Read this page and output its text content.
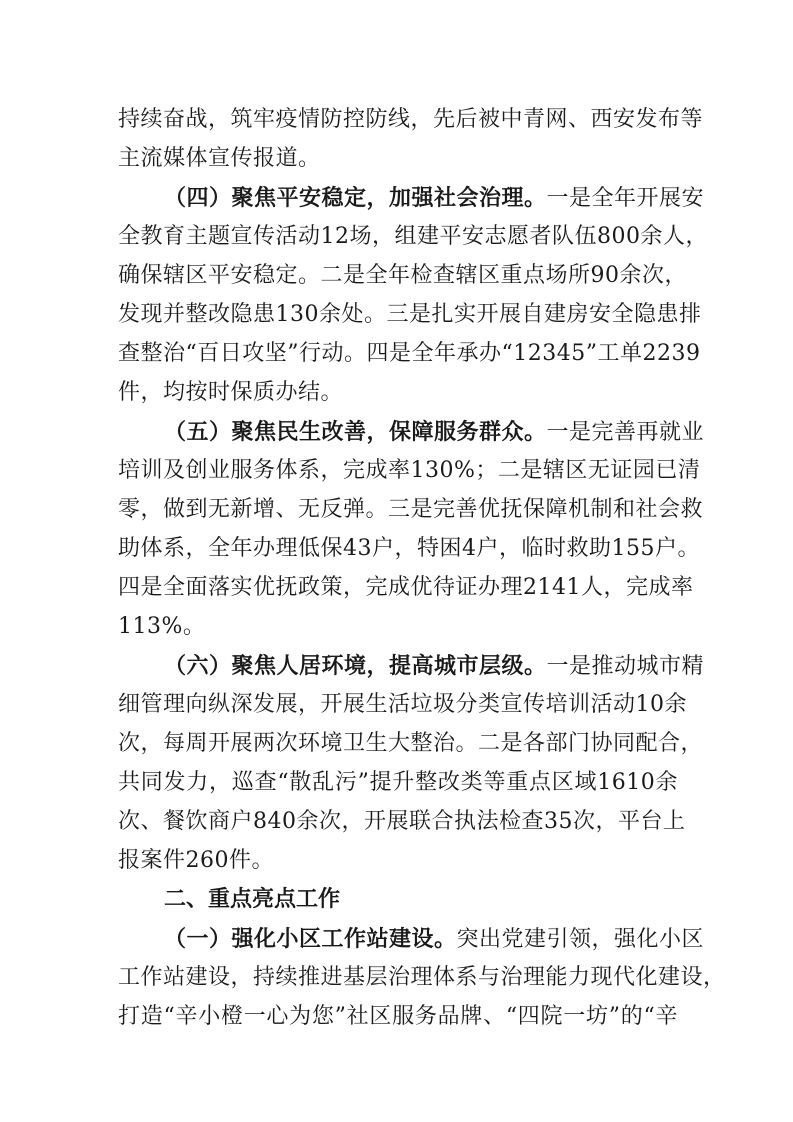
持续奋战，筑牢疫情防控防线，先后被中青网、西安发布等
主流媒体宣传报道。
（四）聚焦平安稳定，加强社会治理。一是全年开展安
全教育主题宣传活动12场，组建平安志愿者队伍800余人，
确保辖区平安稳定。二是全年检查辖区重点场所90余次，
发现并整改隐患130余处。三是扎实开展自建房安全隐患排
查整治“百日攻坚”行动。四是全年承办“12345”工单2239
件，均按时保质办结。
（五）聚焦民生改善，保障服务群众。一是完善再就业
培训及创业服务体系，完成率130%；二是辖区无证园已清
零，做到无新增、无反弹。三是完善优抚保障机制和社会救
助体系，全年办理低保43户，特困4户，临时救助155户。
四是全面落实优抚政策，完成优待证办理2141人，完成率
113%。
（六）聚焦人居环境，提高城市层级。一是推动城市精
细管理向纵深发展，开展生活垃圾分类宣传培训活动10余
次，每周开展两次环境卫生大整治。二是各部门协同配合，
共同发力，巡查“散乱污”提升整改类等重点区域1610余
次、餐饮商户840余次，开展联合执法检查35次，平台上
报案件260件。
二、重点亮点工作
（一）强化小区工作站建设。突出党建引领，强化小区
工作站建设，持续推进基层治理体系与治理能力现代化建设，
打造“辛小橙一心为您”社区服务品牌、“四院一坊”的“辛
